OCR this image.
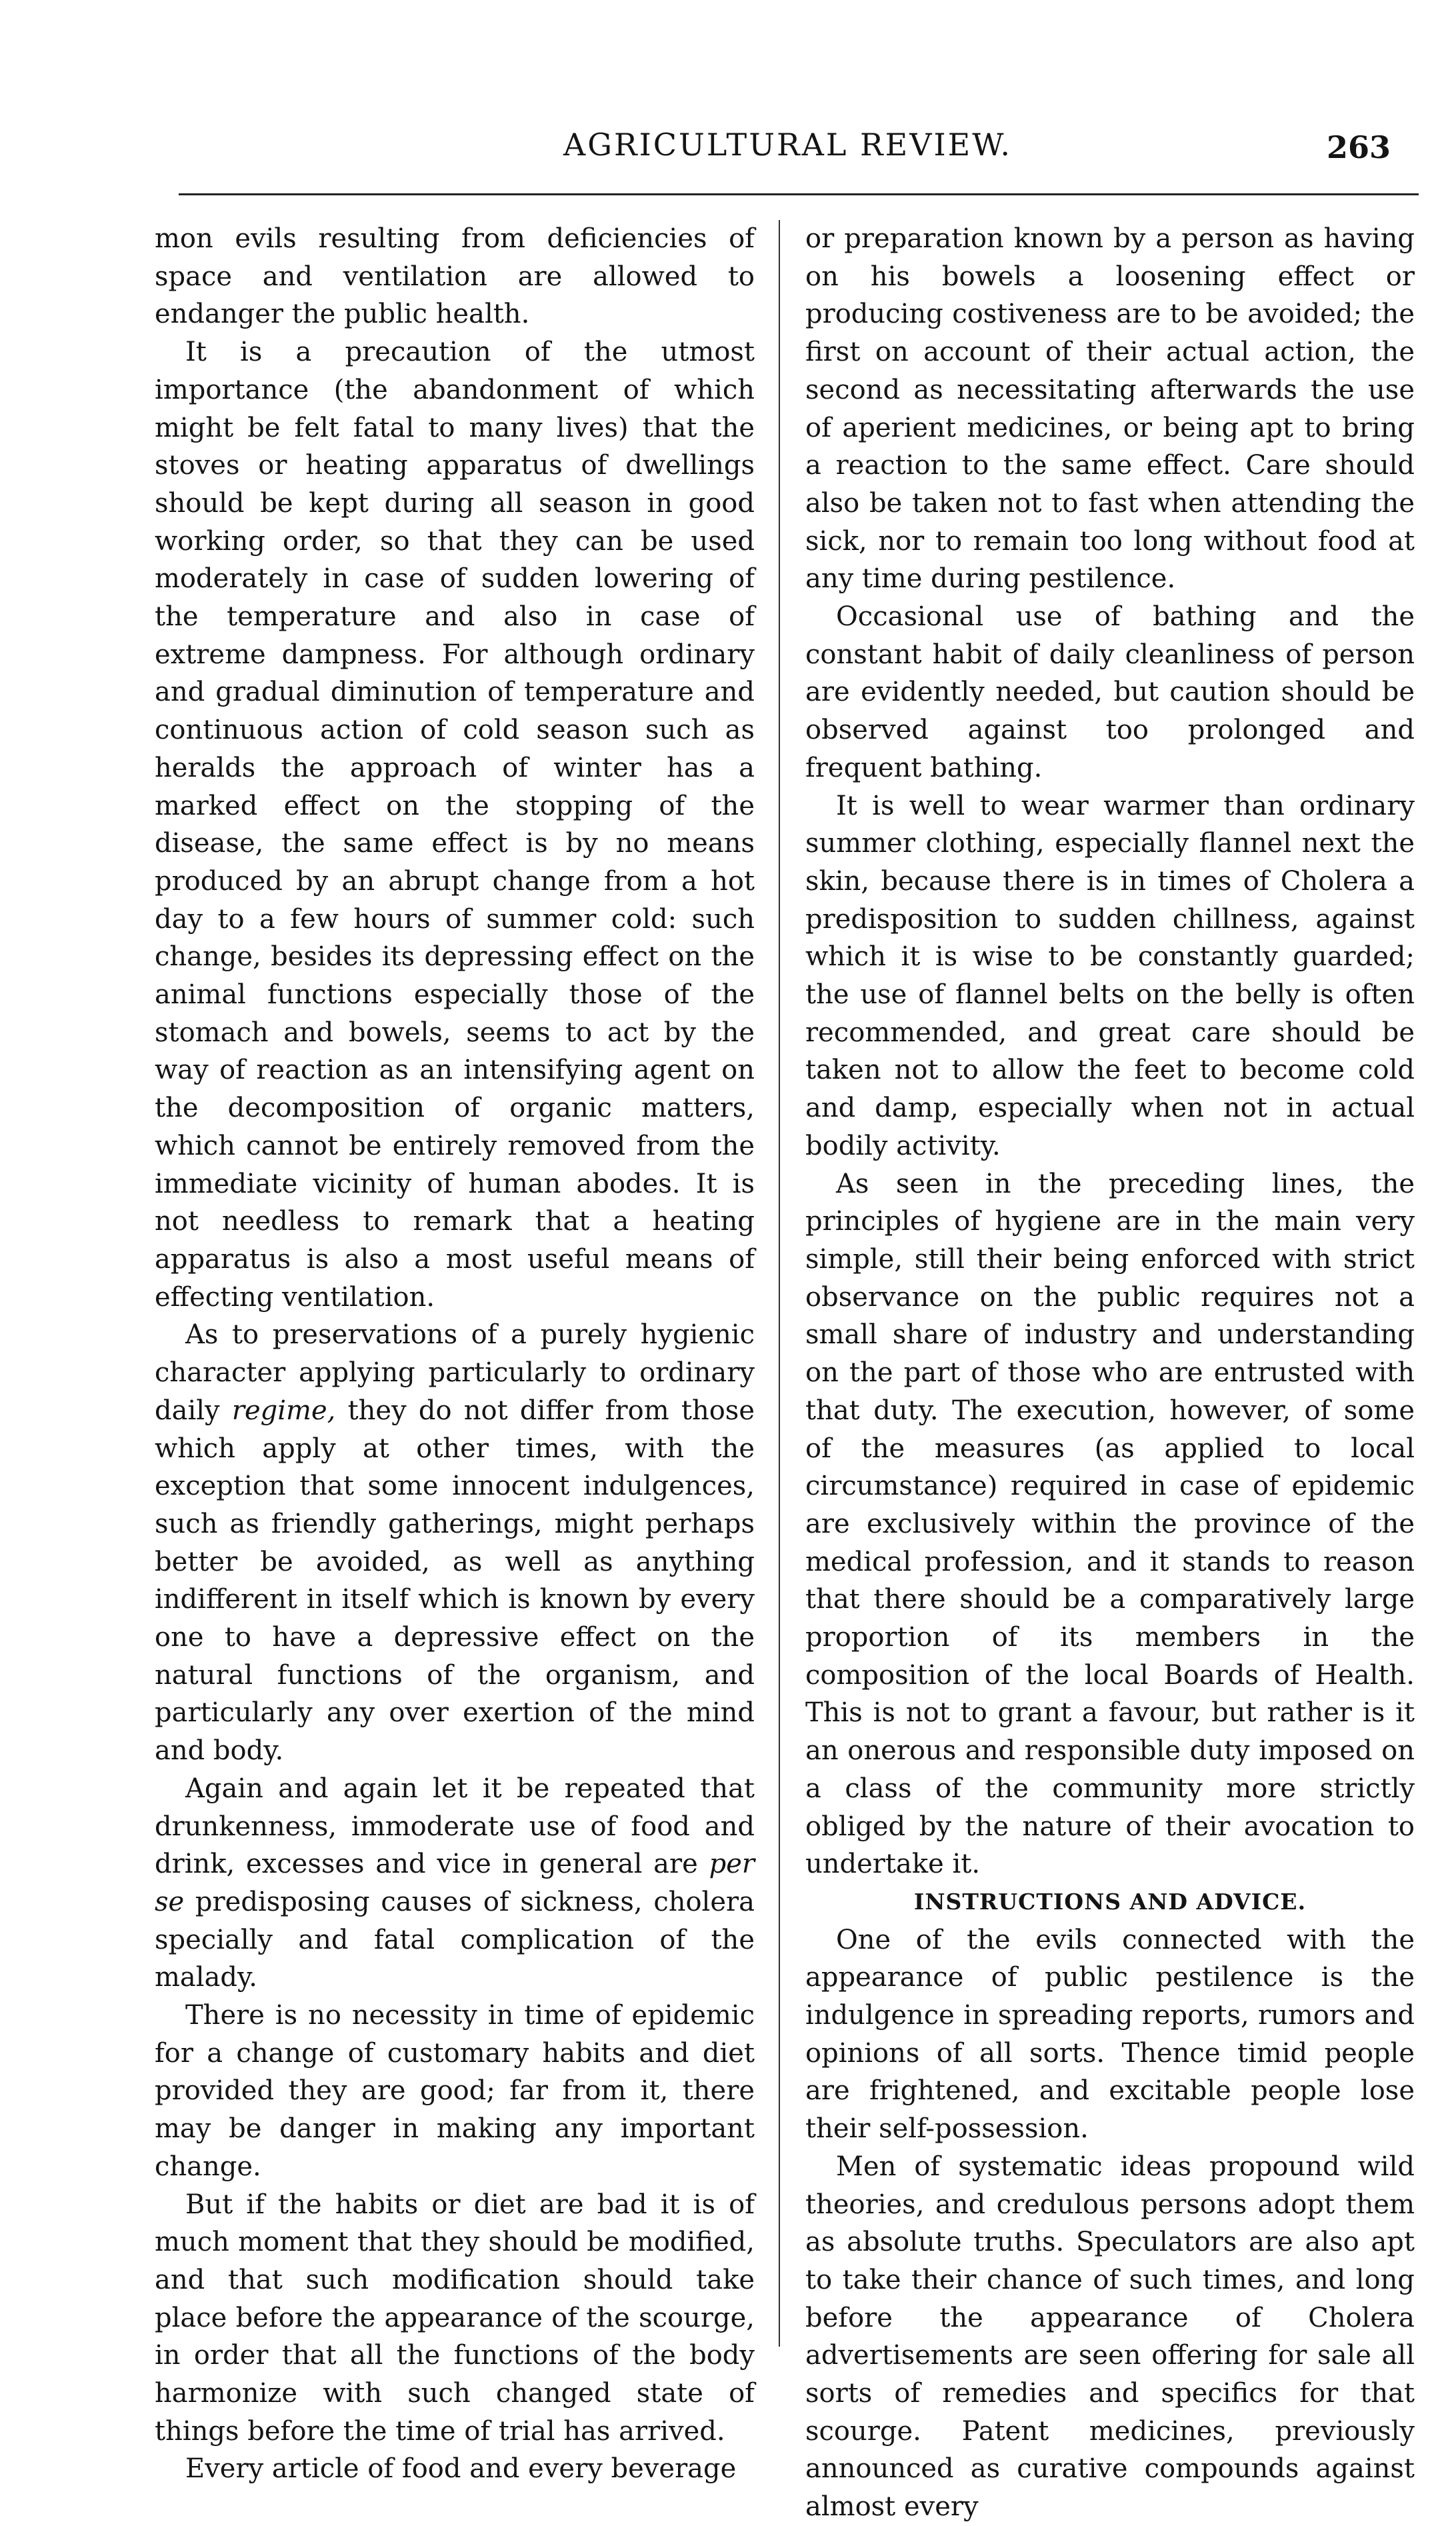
AGRICULTURAL REVIEW.	263

mon evils resulting from deficiencies of space and ventilation are allowed to endanger the public health.

It is a precaution of the utmost importance (the abandonment of which might be felt fatal to many lives) that the stoves or heating apparatus of dwellings should be kept during all season in good working order, so that they can be used moderately in case of sudden lowering of the temperature and also in case of extreme dampness. For although ordinary and gradual diminution of temperature and continuous action of cold season such as heralds the approach of winter has a marked effect on the stopping of the disease, the same effect is by no means produced by an abrupt change from a hot day to a few hours of summer cold: such change, besides its depressing effect on the animal functions especially those of the stomach and bowels, seems to act by the way of reaction as an intensifying agent on the decomposition of organic matters, which cannot be entirely removed from the immediate vicinity of human abodes. It is not needless to remark that a heating apparatus is also a most useful means of effecting ventilation.

As to preservations of a purely hygienic character applying particularly to ordinary daily regime, they do not differ from those which apply at other times, with the exception that some innocent indulgences, such as friendly gatherings, might perhaps better be avoided, as well as anything indifferent in itself which is known by every one to have a depressive effect on the natural functions of the organism, and particularly any over exertion of the mind and body.

Again and again let it be repeated that drunkenness, immoderate use of food and drink, excesses and vice in general are per se predisposing causes of sickness, cholera specially and fatal complication of the malady.

There is no necessity in time of epidemic for a change of customary habits and diet provided they are good; far from it, there may be danger in making any important change.

But if the habits or diet are bad it is of much moment that they should be modified, and that such modification should take place before the appearance of the scourge, in order that all the functions of the body harmonize with such changed state of things before the time of trial has arrived.

Every article of food and every beverage

or preparation known by a person as having on his bowels a loosening effect or producing costiveness are to be avoided; the first on account of their actual action, the second as necessitating afterwards the use of aperient medicines, or being apt to bring a reaction to the same effect. Care should also be taken not to fast when attending the sick, nor to remain too long without food at any time during pestilence.

Occasional use of bathing and the constant habit of daily cleanliness of person are evidently needed, but caution should be observed against too prolonged and frequent bathing.

It is well to wear warmer than ordinary summer clothing, especially flannel next the skin, because there is in times of Cholera a predisposition to sudden chillness, against which it is wise to be constantly guarded; the use of flannel belts on the belly is often recommended, and great care should be taken not to allow the feet to become cold and damp, especially when not in actual bodily activity.

As seen in the preceding lines, the principles of hygiene are in the main very simple, still their being enforced with strict observance on the public requires not a small share of industry and understanding on the part of those who are entrusted with that duty. The execution, however, of some of the measures (as applied to local circumstance) required in case of epidemic are exclusively within the province of the medical profession, and it stands to reason that there should be a comparatively large proportion of its members in the composition of the local Boards of Health. This is not to grant a favour, but rather is it an onerous and responsible duty imposed on a class of the community more strictly obliged by the nature of their avocation to undertake it.

INSTRUCTIONS AND ADVICE.

One of the evils connected with the appearance of public pestilence is the indulgence in spreading reports, rumors and opinions of all sorts. Thence timid people are frightened, and excitable people lose their self-possession.

Men of systematic ideas propound wild theories, and credulous persons adopt them as absolute truths. Speculators are also apt to take their chance of such times, and long before the appearance of Cholera advertisements are seen offering for sale all sorts of remedies and specifics for that scourge. Patent medicines, previously announced as curative compounds against almost every
